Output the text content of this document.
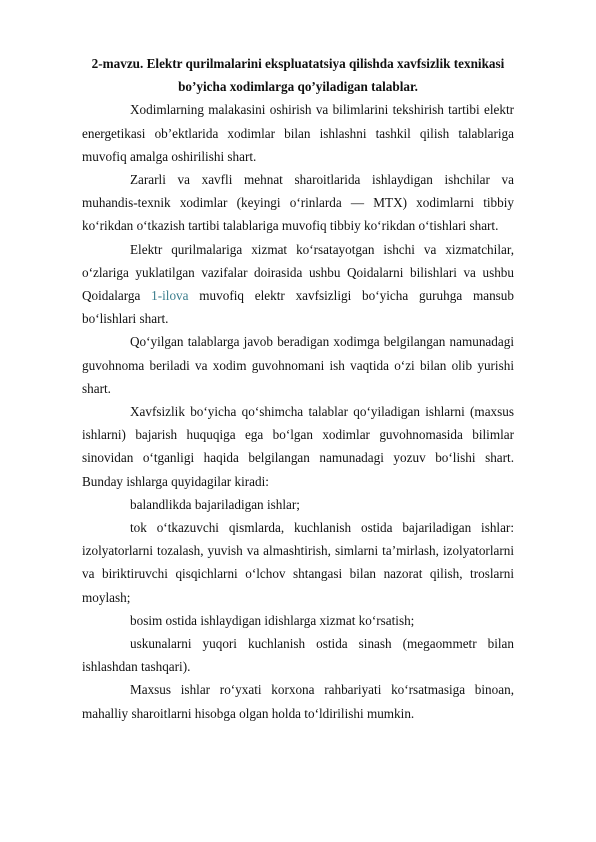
2-mavzu. Elektr qurilmalarini ekspluatatsiya qilishda xavfsizlik texnikasi bo’yicha xodimlarga qo’yiladigan talablar.

Xodimlarning malakasini oshirish va bilimlarini tekshirish tartibi elektr energetikasi ob’ektlarida xodimlar bilan ishlashni tashkil qilish talablariga muvofiq amalga oshirilishi shart.

Zararli va xavfli mehnat sharoitlarida ishlaydigan ishchilar va muhandis-texnik xodimlar (keyingi o‘rinlarda — MTX) xodimlarni tibbiy ko‘rikdan o‘tkazish tartibi talablariga muvofiq tibbiy ko‘rikdan o‘tishlari shart.

Elektr qurilmalariga xizmat ko‘rsatayotgan ishchi va xizmatchilar, o‘zlariga yuklatilgan vazifalar doirasida ushbu Qoidalarni bilishlari va ushbu Qoidalarga 1-ilova muvofiq elektr xavfsizligi bo‘yicha guruhga mansub bo‘lishlari shart.

Qo‘yilgan talablarga javob beradigan xodimga belgilangan namunadagi guvohnoma beriladi va xodim guvohnomani ish vaqtida o‘zi bilan olib yurishi shart.

Xavfsizlik bo‘yicha qo‘shimcha talablar qo‘yiladigan ishlarni (maxsus ishlarni) bajarish huquqiga ega bo‘lgan xodimlar guvohnomasida bilimlar sinovidan o‘tganligi haqida belgilangan namunadagi yozuv bo‘lishi shart. Bunday ishlarga quyidagilar kiradi:

balandlikda bajariladigan ishlar;

tok o‘tkazuvchi qismlarda, kuchlanish ostida bajariladigan ishlar: izolyatorlarni tozalash, yuvish va almashtirish, simlarni ta’mirlash, izolyatorlarni va biriktiruvchi qisqichlarni o‘lchov shtangasi bilan nazorat qilish, troslarni moylash;

bosim ostida ishlaydigan idishlarga xizmat ko‘rsatish;

uskunalarni yuqori kuchlanish ostida sinash (megaommetr bilan ishlashdan tashqari).

Maxsus ishlar ro‘yxati korxona rahbariyati ko‘rsatmasiga binoan, mahalliy sharoitlarni hisobga olgan holda to‘ldirilishi mumkin.
